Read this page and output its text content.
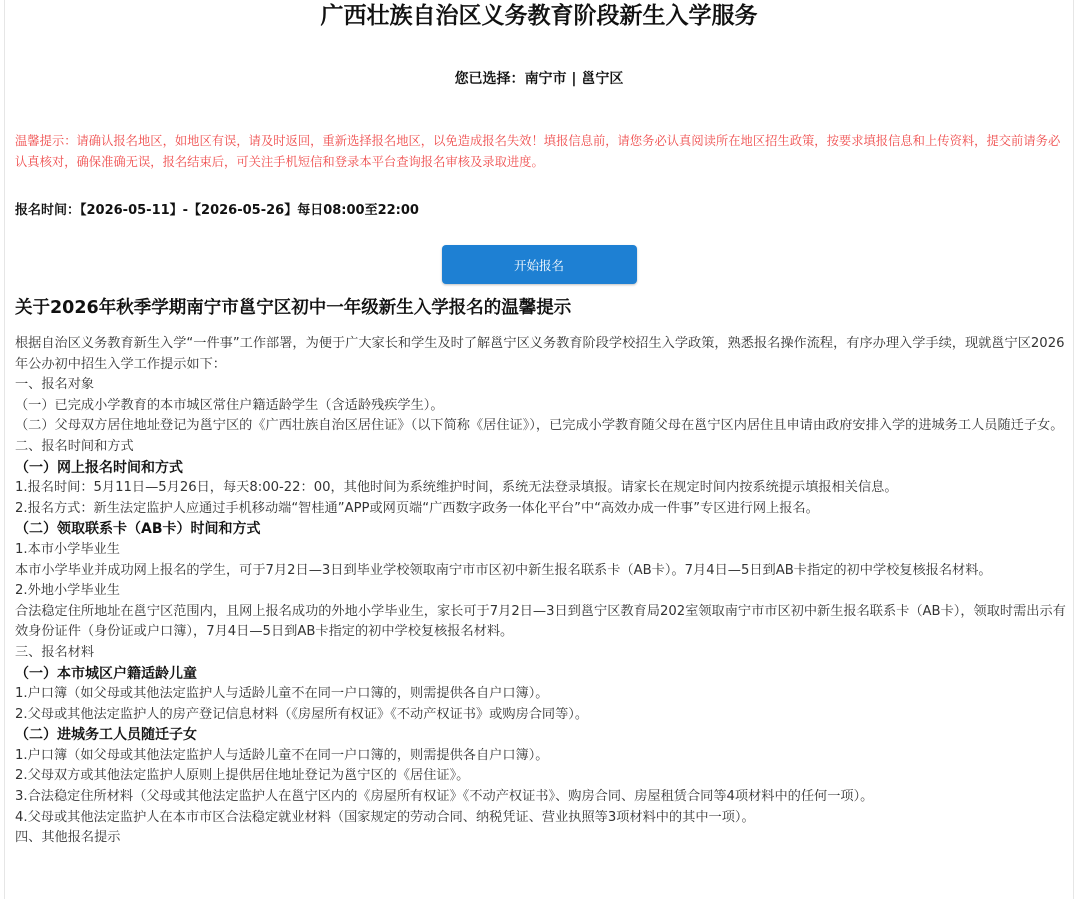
广西壮族自治区义务教育阶段新生入学服务
您已选择：南宁市 | 邕宁区
温馨提示：请确认报名地区，如地区有误，请及时返回，重新选择报名地区，以免造成报名失效！填报信息前，请您务必认真阅读所在地区招生政策，按要求填报信息和上传资料，提交前请务必认真核对，确保准确无误，报名结束后，可关注手机短信和登录本平台查询报名审核及录取进度。
报名时间：【2026-05-11】-【2026-05-26】每日08:00至22:00
开始报名
关于2026年秋季学期南宁市邕宁区初中一年级新生入学报名的温馨提示

根据自治区义务教育新生入学“一件事”工作部署，为便于广大家长和学生及时了解邕宁区义务教育阶段学校招生入学政策，熟悉报名操作流程，有序办理入学手续，现就邕宁区2026年公办初中招生入学工作提示如下：

一、报名对象

（一）已完成小学教育的本市城区常住户籍适龄学生（含适龄残疾学生）。

（二）父母双方居住地址登记为邕宁区的《广西壮族自治区居住证》（以下简称《居住证》），已完成小学教育随父母在邕宁区内居住且申请由政府安排入学的进城务工人员随迁子女。

二、报名时间和方式

（一）网上报名时间和方式

1.报名时间：5月11日—5月26日，每天8:00-22：00，其他时间为系统维护时间，系统无法登录填报。请家长在规定时间内按系统提示填报相关信息。

2.报名方式：新生法定监护人应通过手机移动端“智桂通”APP或网页端“广西数字政务一体化平台”中“高效办成一件事”专区进行网上报名。

（二）领取联系卡（AB卡）时间和方式

1.本市小学毕业生

本市小学毕业并成功网上报名的学生，可于7月2日—3日到毕业学校领取南宁市市区初中新生报名联系卡（AB卡）。7月4日—5日到AB卡指定的初中学校复核报名材料。

2.外地小学毕业生

合法稳定住所地址在邕宁区范围内，且网上报名成功的外地小学毕业生，家长可于7月2日—3日到邕宁区教育局202室领取南宁市市区初中新生报名联系卡（AB卡），领取时需出示有效身份证件（身份证或户口簿），7月4日—5日到AB卡指定的初中学校复核报名材料。

三、报名材料

（一）本市城区户籍适龄儿童

1.户口簿（如父母或其他法定监护人与适龄儿童不在同一户口簿的，则需提供各自户口簿）。

2.父母或其他法定监护人的房产登记信息材料（《房屋所有权证》《不动产权证书》或购房合同等）。

（二）进城务工人员随迁子女

1.户口簿（如父母或其他法定监护人与适龄儿童不在同一户口簿的，则需提供各自户口簿）。

2.父母双方或其他法定监护人原则上提供居住地址登记为邕宁区的《居住证》。

3.合法稳定住所材料（父母或其他法定监护人在邕宁区内的《房屋所有权证》《不动产权证书》、购房合同、房屋租赁合同等4项材料中的任何一项）。

4.父母或其他法定监护人在本市市区合法稳定就业材料（国家规定的劳动合同、纳税凭证、营业执照等3项材料中的其中一项）。

四、其他报名提示
